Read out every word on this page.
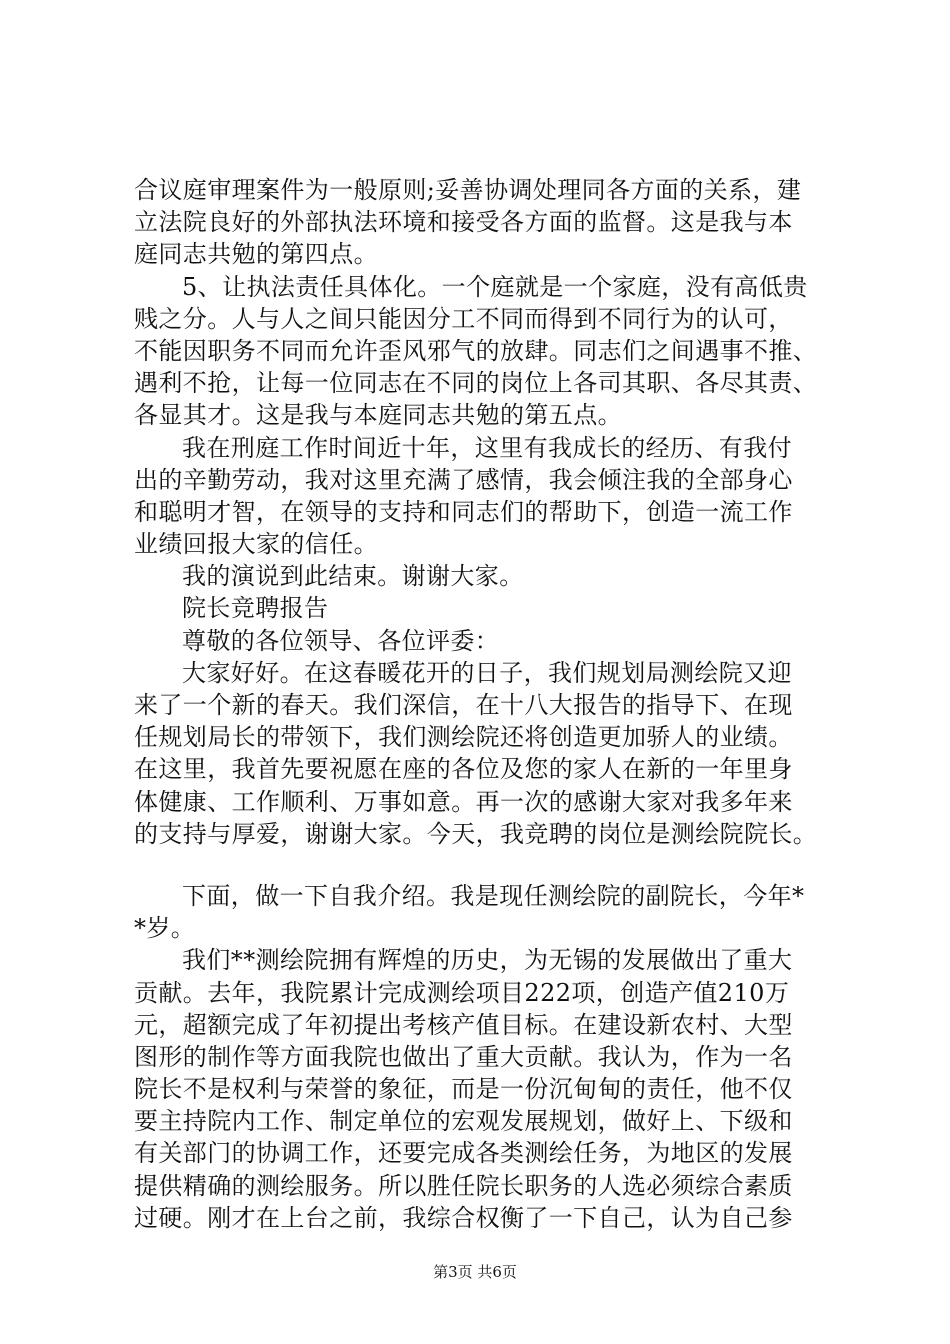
合议庭审理案件为一般原则;妥善协调处理同各方面的关系，建
立法院良好的外部执法环境和接受各方面的监督。这是我与本
庭同志共勉的第四点。
5、让执法责任具体化。一个庭就是一个家庭，没有高低贵
贱之分。人与人之间只能因分工不同而得到不同行为的认可，
不能因职务不同而允许歪风邪气的放肆。同志们之间遇事不推、
遇利不抢，让每一位同志在不同的岗位上各司其职、各尽其责、
各显其才。这是我与本庭同志共勉的第五点。
我在刑庭工作时间近十年，这里有我成长的经历、有我付
出的辛勤劳动，我对这里充满了感情，我会倾注我的全部身心
和聪明才智，在领导的支持和同志们的帮助下，创造一流工作
业绩回报大家的信任。
我的演说到此结束。谢谢大家。
院长竞聘报告
尊敬的各位领导、各位评委：
大家好好。在这春暖花开的日子，我们规划局测绘院又迎
来了一个新的春天。我们深信，在十八大报告的指导下、在现
任规划局长的带领下，我们测绘院还将创造更加骄人的业绩。
在这里，我首先要祝愿在座的各位及您的家人在新的一年里身
体健康、工作顺利、万事如意。再一次的感谢大家对我多年来
的支持与厚爱，谢谢大家。今天，我竞聘的岗位是测绘院院长。
下面，做一下自我介绍。我是现任测绘院的副院长，今年*
*岁。
我们**测绘院拥有辉煌的历史，为无锡的发展做出了重大
贡献。去年，我院累计完成测绘项目222项，创造产值210万
元，超额完成了年初提出考核产值目标。在建设新农村、大型
图形的制作等方面我院也做出了重大贡献。我认为，作为一名
院长不是权利与荣誉的象征，而是一份沉甸甸的责任，他不仅
要主持院内工作、制定单位的宏观发展规划，做好上、下级和
有关部门的协调工作，还要完成各类测绘任务，为地区的发展
提供精确的测绘服务。所以胜任院长职务的人选必须综合素质
过硬。刚才在上台之前，我综合权衡了一下自己，认为自己参
第3页 共6页
